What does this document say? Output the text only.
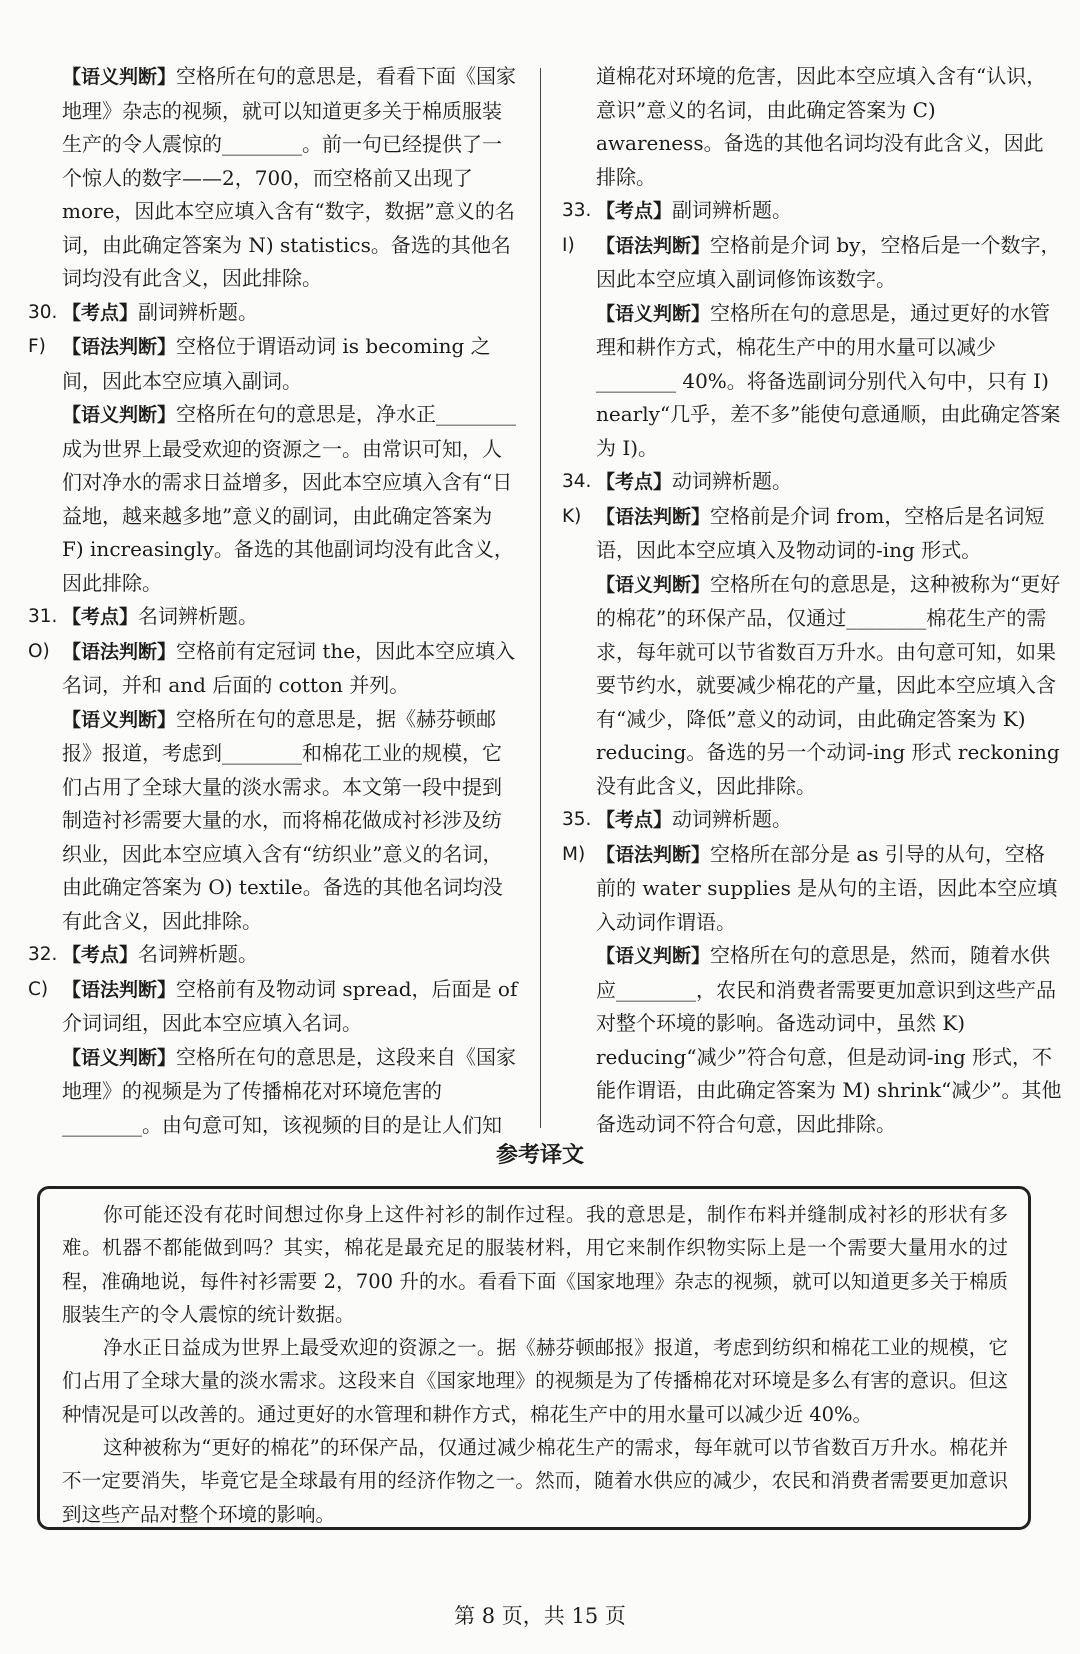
【语义判断】空格所在句的意思是，看看下面《国家地理》杂志的视频，就可以知道更多关于棉质服装生产的令人震惊的________。前一句已经提供了一个惊人的数字——2，700，而空格前又出现了more，因此本空应填入含有“数字，数据”意义的名词，由此确定答案为 N) statistics。备选的其他名词均没有此含义，因此排除。

30. 【考点】副词辨析题。

F) 【语法判断】空格位于谓语动词 is becoming 之间，因此本空应填入副词。

【语义判断】空格所在句的意思是，净水正________成为世界上最受欢迎的资源之一。由常识可知，人们对净水的需求日益增多，因此本空应填入含有“日益地，越来越多地”意义的副词，由此确定答案为 F) increasingly。备选的其他副词均没有此含义，因此排除。

31. 【考点】名词辨析题。

O) 【语法判断】空格前有定冠词 the，因此本空应填入名词，并和 and 后面的 cotton 并列。

【语义判断】空格所在句的意思是，据《赫芬顿邮报》报道，考虑到________和棉花工业的规模，它们占用了全球大量的淡水需求。本文第一段中提到制造衬衫需要大量的水，而将棉花做成衬衫涉及纺织业，因此本空应填入含有“纺织业”意义的名词，由此确定答案为 O) textile。备选的其他名词均没有此含义，因此排除。

32. 【考点】名词辨析题。

C) 【语法判断】空格前有及物动词 spread，后面是 of 介词词组，因此本空应填入名词。

【语义判断】空格所在句的意思是，这段来自《国家地理》的视频是为了传播棉花对环境危害的________。由句意可知，该视频的目的是让人们知

道棉花对环境的危害，因此本空应填入含有“认识，意识”意义的名词，由此确定答案为 C) awareness。备选的其他名词均没有此含义，因此排除。

33. 【考点】副词辨析题。

I) 【语法判断】空格前是介词 by，空格后是一个数字，因此本空应填入副词修饰该数字。

【语义判断】空格所在句的意思是，通过更好的水管理和耕作方式，棉花生产中的用水量可以减少________ 40%。将备选副词分别代入句中，只有 I) nearly“几乎，差不多”能使句意通顺，由此确定答案为 I)。

34. 【考点】动词辨析题。

K) 【语法判断】空格前是介词 from，空格后是名词短语，因此本空应填入及物动词的-ing 形式。

【语义判断】空格所在句的意思是，这种被称为“更好的棉花”的环保产品，仅通过________棉花生产的需求，每年就可以节省数百万升水。由句意可知，如果要节约水，就要减少棉花的产量，因此本空应填入含有“减少，降低”意义的动词，由此确定答案为 K) reducing。备选的另一个动词-ing 形式 reckoning 没有此含义，因此排除。

35. 【考点】动词辨析题。

M) 【语法判断】空格所在部分是 as 引导的从句，空格前的 water supplies 是从句的主语，因此本空应填入动词作谓语。

【语义判断】空格所在句的意思是，然而，随着水供应________，农民和消费者需要更加意识到这些产品对整个环境的影响。备选动词中，虽然 K) reducing“减少”符合句意，但是动词-ing 形式，不能作谓语，由此确定答案为 M) shrink“减少”。其他备选动词不符合句意，因此排除。

参考译文

你可能还没有花时间想过你身上这件衬衫的制作过程。我的意思是，制作布料并缝制成衬衫的形状有多难。机器不都能做到吗？其实，棉花是最充足的服装材料，用它来制作织物实际上是一个需要大量用水的过程，准确地说，每件衬衫需要 2，700 升的水。看看下面《国家地理》杂志的视频，就可以知道更多关于棉质服装生产的令人震惊的统计数据。

净水正日益成为世界上最受欢迎的资源之一。据《赫芬顿邮报》报道，考虑到纺织和棉花工业的规模，它们占用了全球大量的淡水需求。这段来自《国家地理》的视频是为了传播棉花对环境是多么有害的意识。但这种情况是可以改善的。通过更好的水管理和耕作方式，棉花生产中的用水量可以减少近 40%。

这种被称为“更好的棉花”的环保产品，仅通过减少棉花生产的需求，每年就可以节省数百万升水。棉花并不一定要消失，毕竟它是全球最有用的经济作物之一。然而，随着水供应的减少，农民和消费者需要更加意识到这些产品对整个环境的影响。

第 8 页，共 15 页
